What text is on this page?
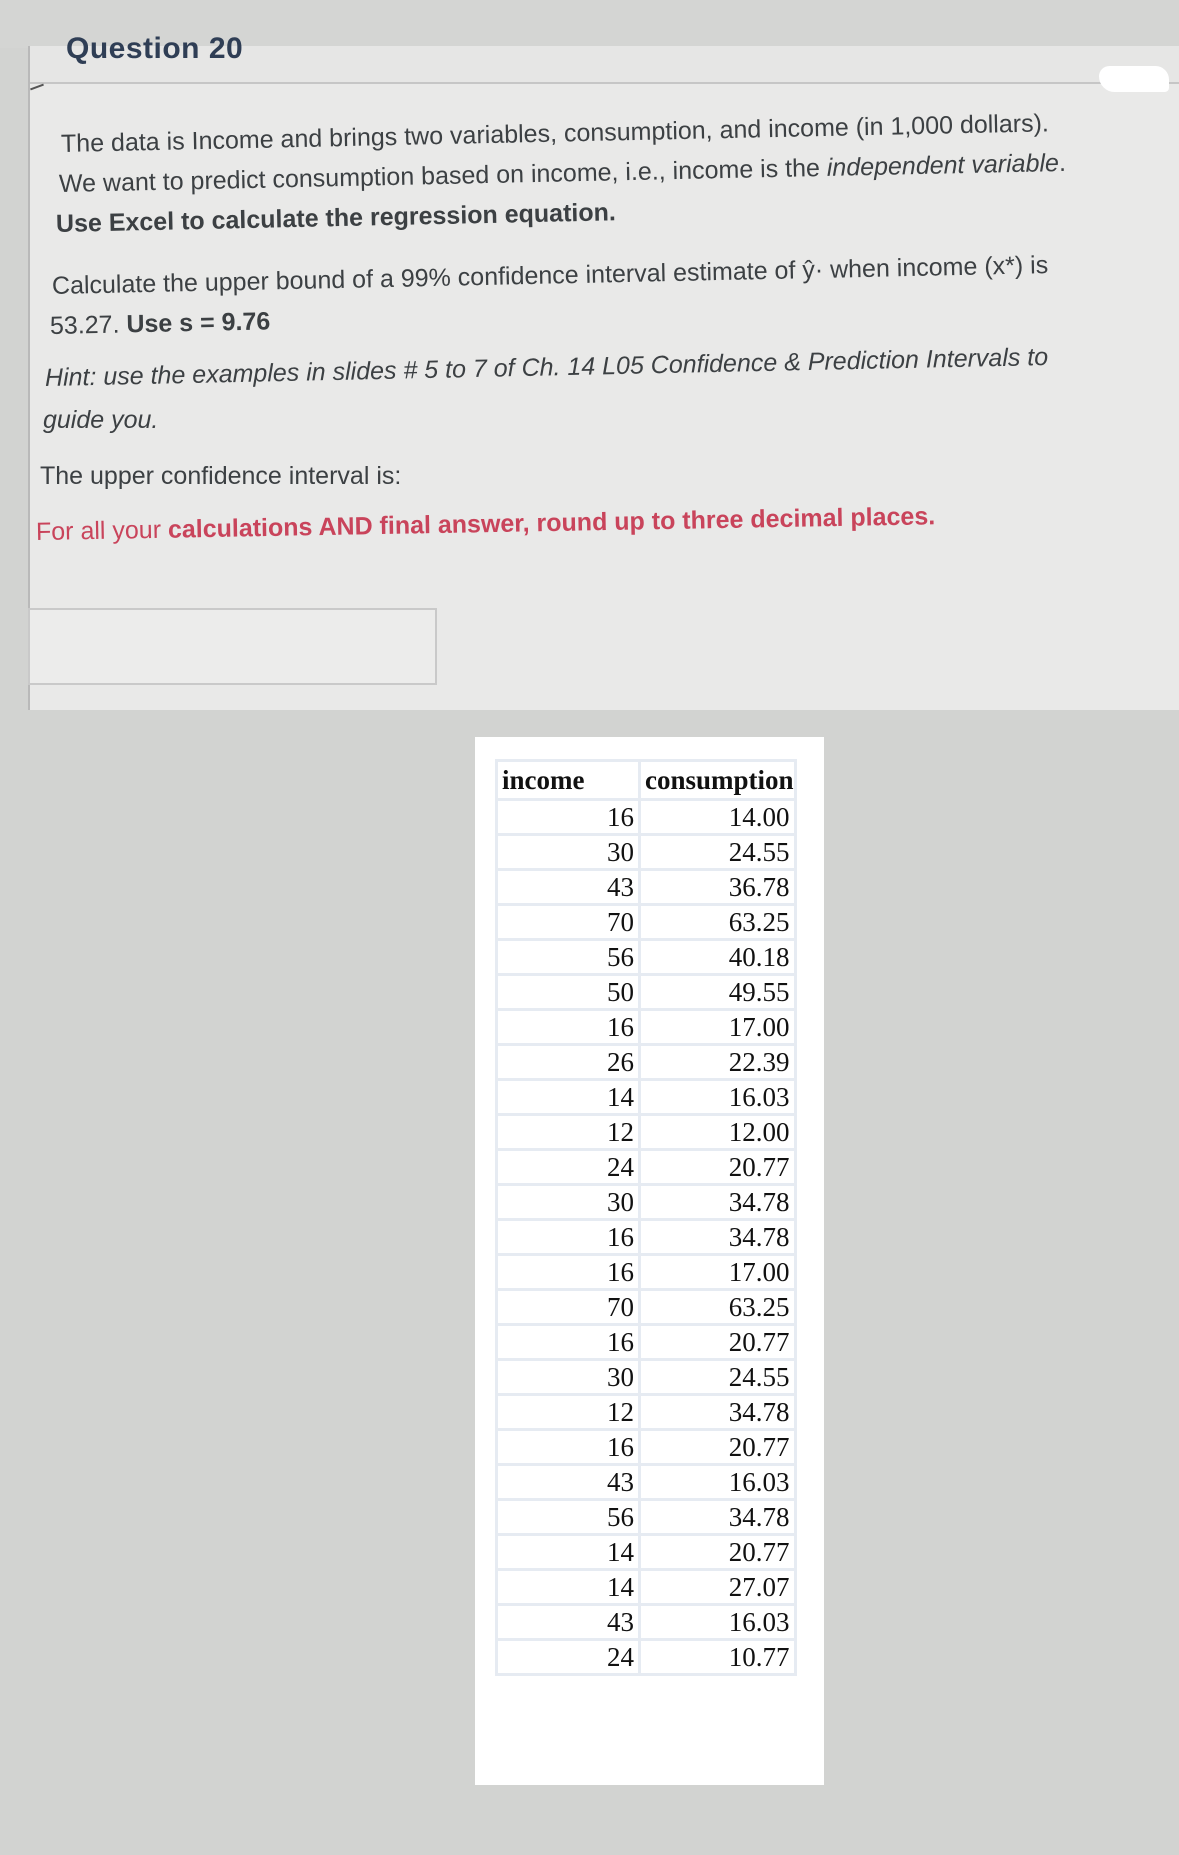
Question 20
The data is Income and brings two variables, consumption, and income (in 1,000 dollars).
We want to predict consumption based on income, i.e., income is the independent variable.
Use Excel to calculate the regression equation.
Calculate the upper bound of a 99% confidence interval estimate of ŷ· when income (x*) is
53.27. Use s = 9.76
Hint: use the examples in slides # 5 to 7 of Ch. 14 L05 Confidence & Prediction Intervals to
guide you.
The upper confidence interval is:
For all your calculations AND final answer, round up to three decimal places.
income	consumption
16	14.00
30	24.55
43	36.78
70	63.25
56	40.18
50	49.55
16	17.00
26	22.39
14	16.03
12	12.00
24	20.77
30	34.78
16	34.78
16	17.00
70	63.25
16	20.77
30	24.55
12	34.78
16	20.77
43	16.03
56	34.78
14	20.77
14	27.07
43	16.03
24	10.77
